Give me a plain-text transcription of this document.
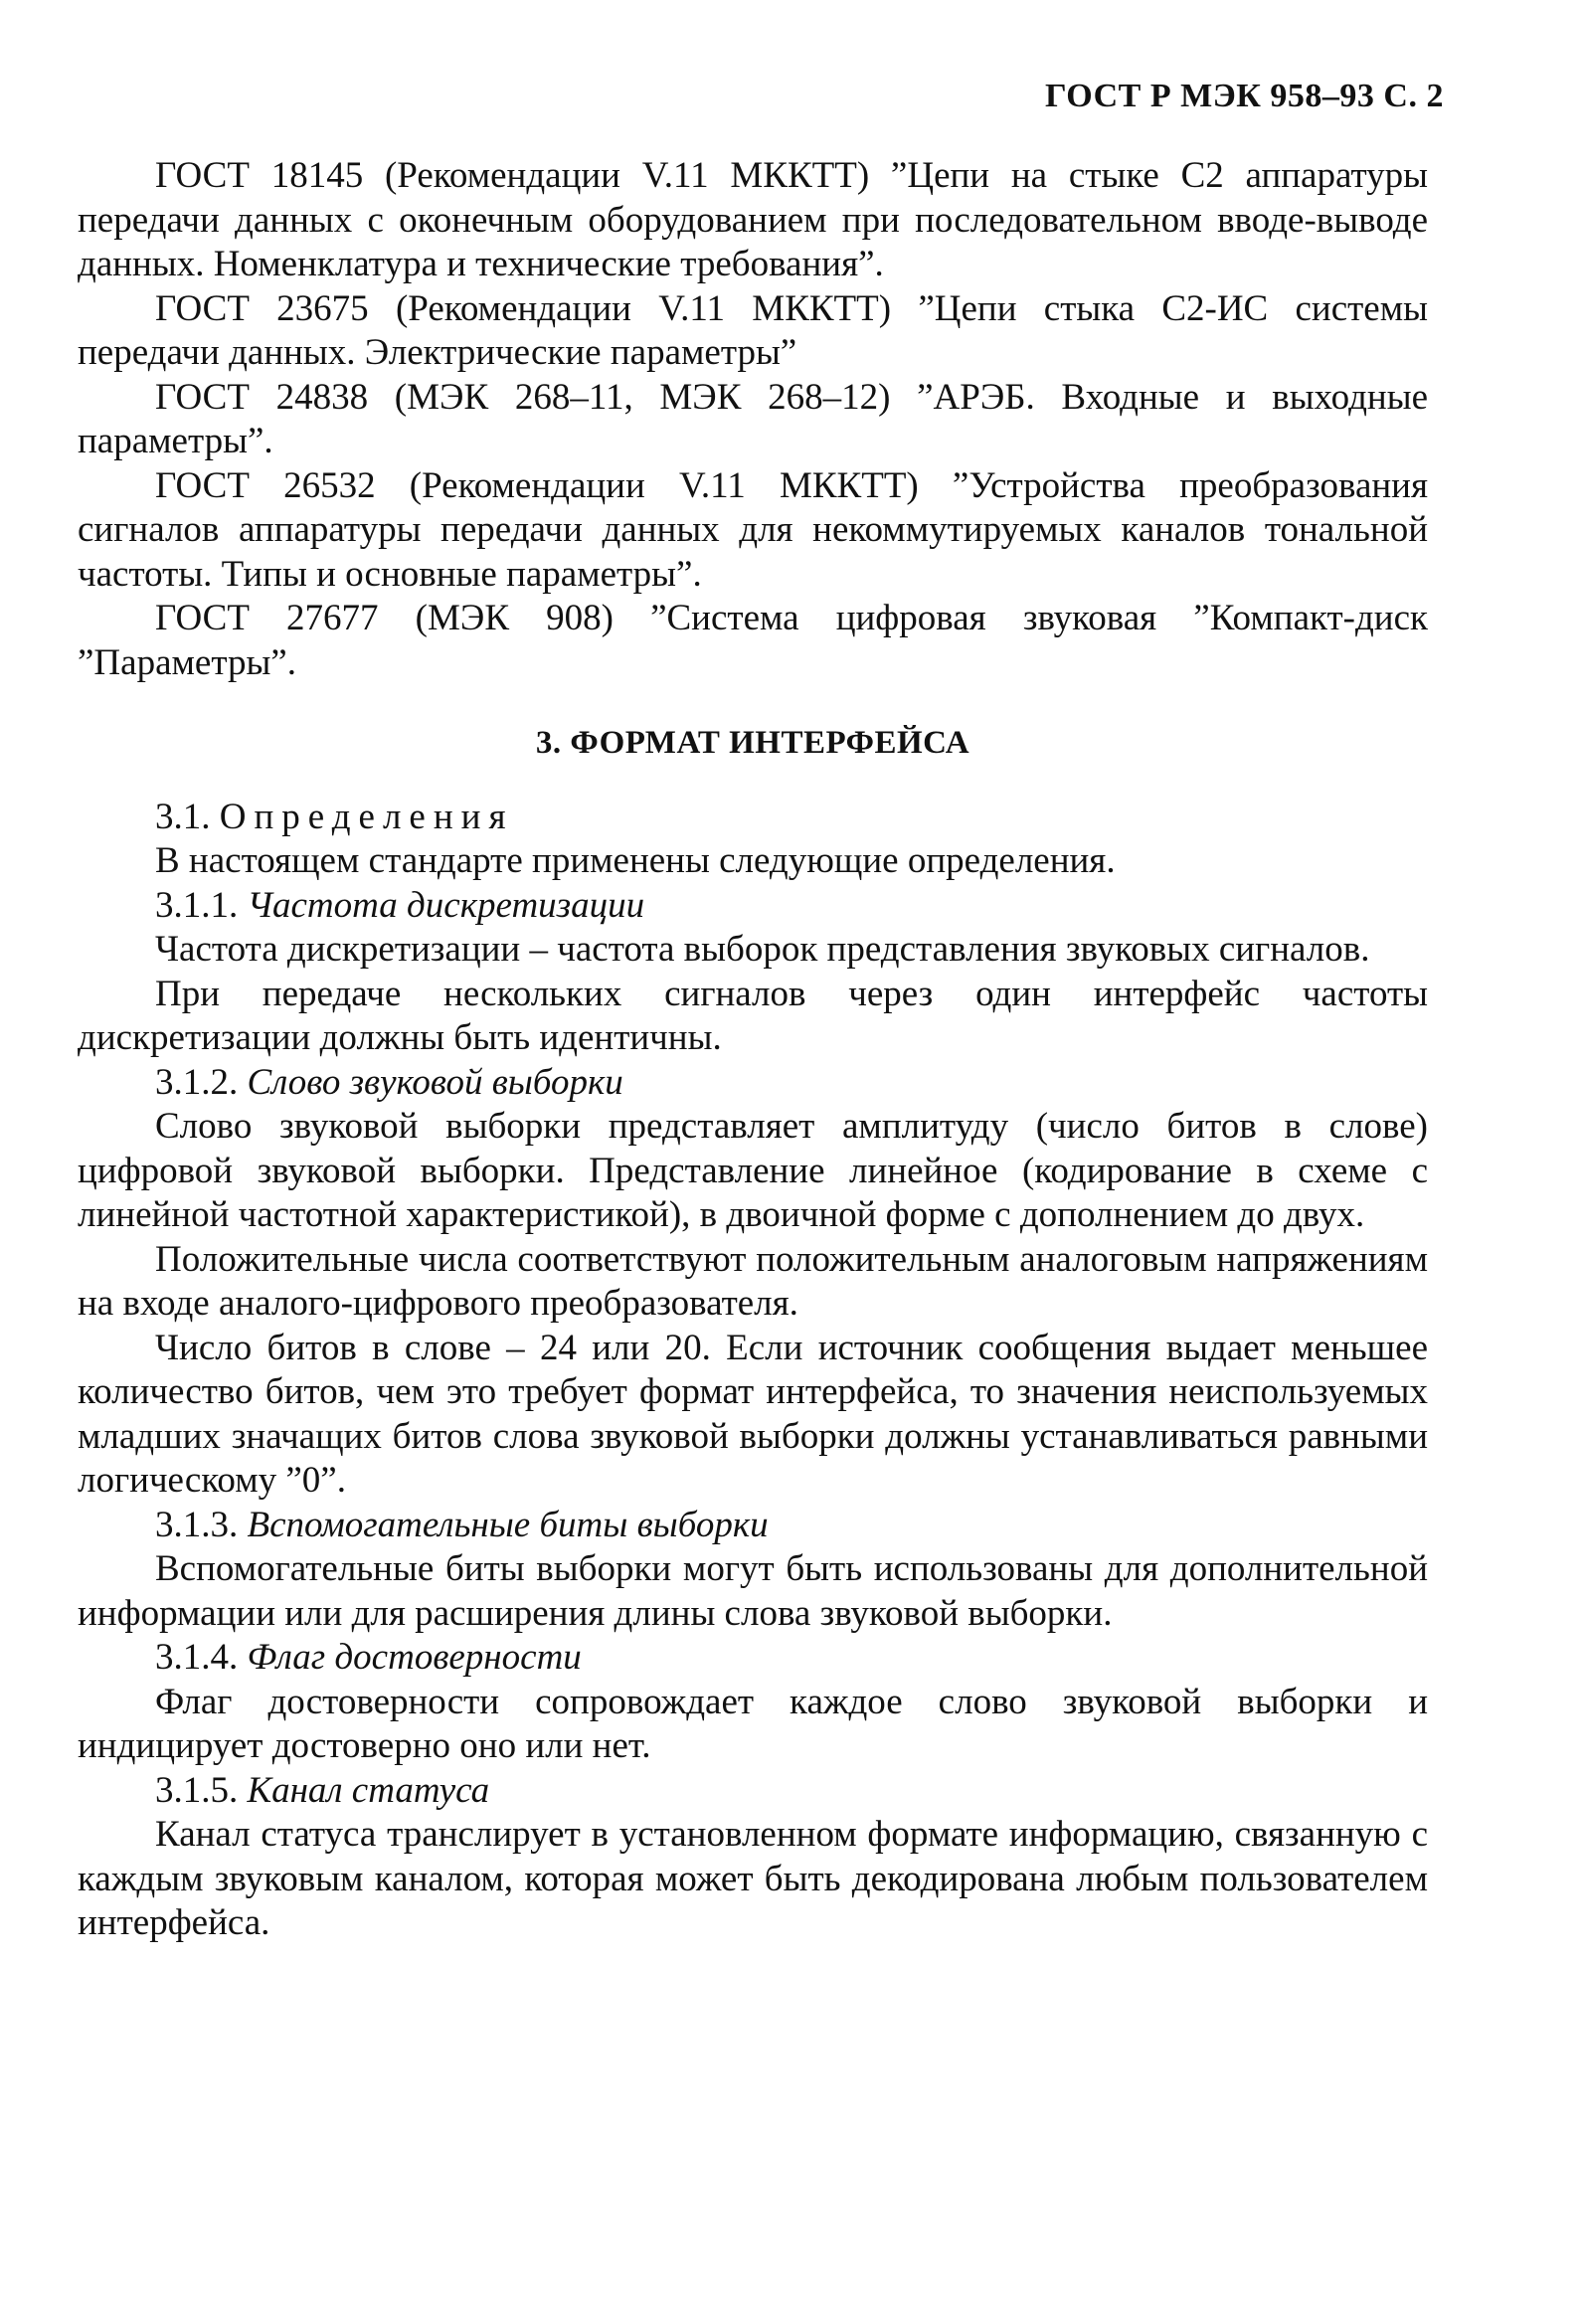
ГОСТ Р МЭК 958–93 С. 2

ГОСТ 18145 (Рекомендации V.11 МККТТ) ”Цепи на стыке С2 аппаратуры передачи данных с оконечным оборудованием при последовательном вводе-выводе данных. Номенклатура и технические требования”.

ГОСТ 23675 (Рекомендации V.11 МККТТ) ”Цепи стыка С2-ИС системы передачи данных. Электрические параметры”

ГОСТ 24838 (МЭК 268–11, МЭК 268–12) ”АРЭБ. Входные и выходные параметры”.

ГОСТ 26532 (Рекомендации V.11 МККТТ) ”Устройства преобразования сигналов аппаратуры передачи данных для некоммутируемых каналов тональной частоты. Типы и основные параметры”.

ГОСТ 27677 (МЭК 908) ”Система цифровая звуковая ”Компакт-диск ”Параметры”.

3. ФОРМАТ ИНТЕРФЕЙСА

3.1. Определения

В настоящем стандарте применены следующие определения.

3.1.1. Частота дискретизации

Частота дискретизации – частота выборок представления звуковых сигналов.

При передаче нескольких сигналов через один интерфейс частоты дискретизации должны быть идентичны.

3.1.2. Слово звуковой выборки

Слово звуковой выборки представляет амплитуду (число битов в слове) цифровой звуковой выборки. Представление линейное (кодирование в схеме с линейной частотной характеристикой), в двоичной форме с дополнением до двух.

Положительные числа соответствуют положительным аналоговым напряжениям на входе аналого-цифрового преобразователя.

Число битов в слове – 24 или 20. Если источник сообщения выдает меньшее количество битов, чем это требует формат интерфейса, то значения неиспользуемых младших значащих битов слова звуковой выборки должны устанавливаться равными логическому ”0”.

3.1.3. Вспомогательные биты выборки

Вспомогательные биты выборки могут быть использованы для дополнительной информации или для расширения длины слова звуковой выборки.

3.1.4. Флаг достоверности

Флаг достоверности сопровождает каждое слово звуковой выборки и индицирует достоверно оно или нет.

3.1.5. Канал статуса

Канал статуса транслирует в установленном формате информацию, связанную с каждым звуковым каналом, которая может быть декодирована любым пользователем интерфейса.
